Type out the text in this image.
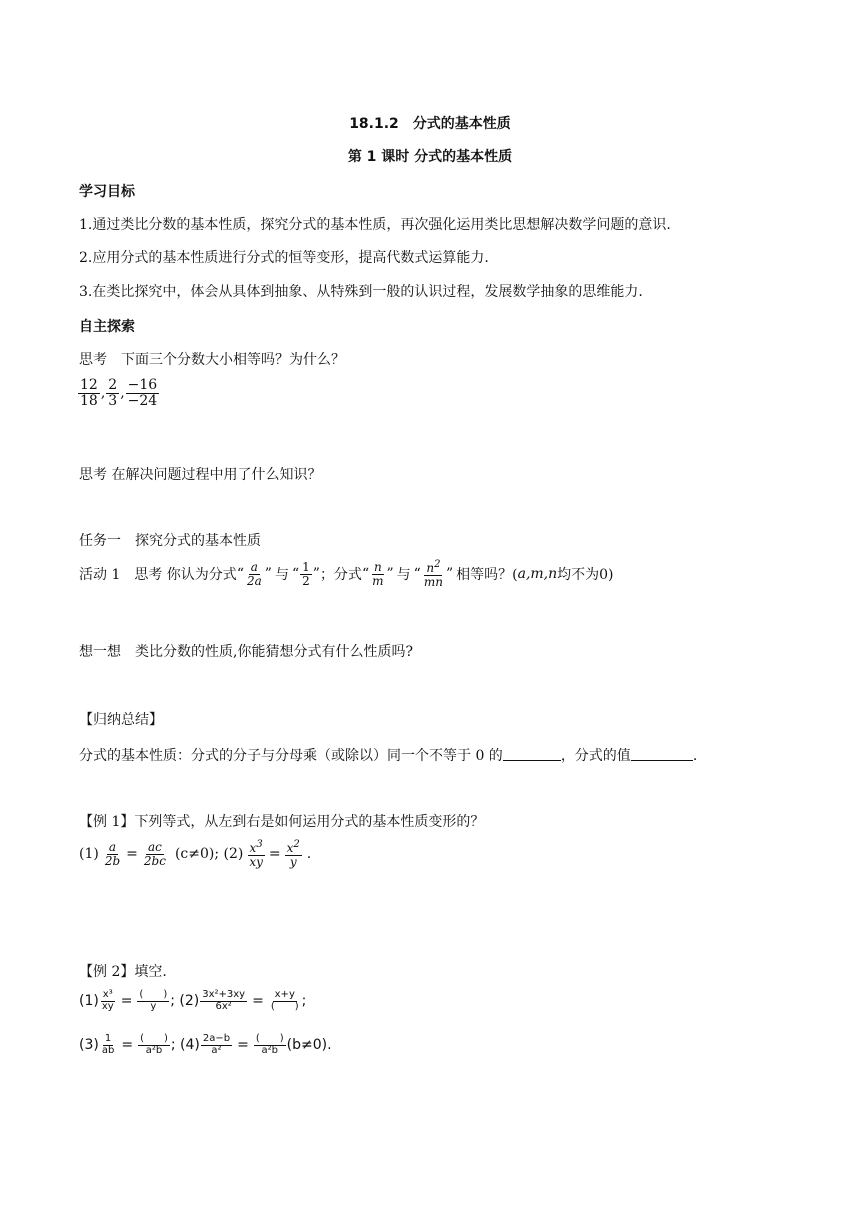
18.1.2　分式的基本性质
第 1 课时 分式的基本性质
学习目标
1.通过类比分数的基本性质，探究分式的基本性质，再次强化运用类比思想解决数学问题的意识.
2.应用分式的基本性质进行分式的恒等变形，提高代数式运算能力.
3.在类比探究中，体会从具体到抽象、从特殊到一般的认识过程，发展数学抽象的思维能力.
自主探索
思考　下面三个分数大小相等吗？为什么？
$\frac{12}{18}$ , $\frac{2}{3}$ , $\frac{-16}{-24}$
思考 在解决问题过程中用了什么知识？
任务一　探究分式的基本性质
活动 1　思考 你认为分式 “ $\frac{a}{2a}$ ” 与 “ $\frac{1}{2}$ ” ；分式 “ $\frac{n}{m}$ ” 与 “ $\frac{n^2}{mn}$ ” 相等吗？( a,m,n 均不为0)
想一想　类比分数的性质,你能猜想分式有什么性质吗?
【归纳总结】
分式的基本性质：分式的分子与分母乘（或除以）同一个不等于 0 的	，分式的值	.
【例 1】下列等式，从左到右是如何运用分式的基本性质变形的？
$(1) \frac{a}{2b} = \frac{ac}{2bc} (c\ne 0)$ ; $(2) \frac{x^3}{xy} = \frac{x^2}{y}$ .
【例 2】填空.
$(1) \frac{\text{x³}}{xy} = \frac{( )}{y}$ ; $(2) \frac{\text{3x²+3xy}}{\text{6x²}} = \frac{x+y}{( )}$ ;
$(3) \frac{1}{ab} = \frac{( )}{\text{a²b}}$ ; $(4) \frac{2a-b}{\text{a²}} = \frac{( )}{\text{a²b}} (b\ne 0)$ .
